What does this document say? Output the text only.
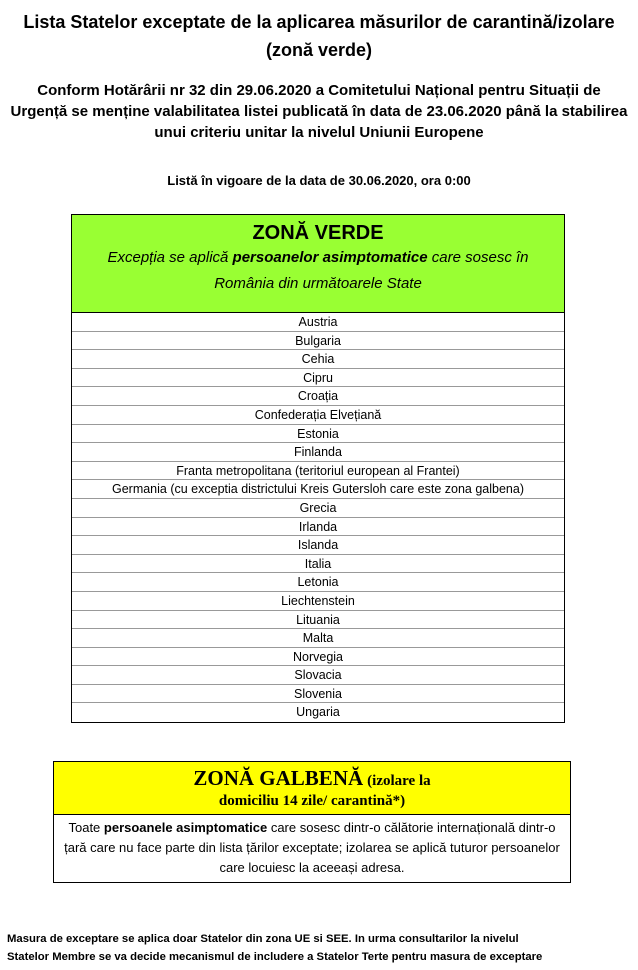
Lista Statelor exceptate de la aplicarea măsurilor de carantină/izolare
(zonă verde)
Conform Hotărârii nr 32 din 29.06.2020 a Comitetului Național pentru Situații de Urgență se menține valabilitatea listei publicată în data de 23.06.2020 până la stabilirea unui criteriu unitar la nivelul Uniunii Europene
Listă în vigoare de la data de 30.06.2020, ora 0:00
ZONĂ VERDE
Excepția se aplică persoanelor asimptomatice care sosesc în România din următoarele State
Austria
Bulgaria
Cehia
Cipru
Croația
Confederația Elvețiană
Estonia
Finlanda
Franta metropolitana (teritoriul european al Frantei)
Germania (cu exceptia districtului Kreis Gutersloh care este zona galbena)
Grecia
Irlanda
Islanda
Italia
Letonia
Liechtenstein
Lituania
Malta
Norvegia
Slovacia
Slovenia
Ungaria
ZONĂ GALBENĂ (izolare la
domiciliu 14 zile/ carantină*)
Toate persoanele asimptomatice care sosesc dintr-o călătorie internațională dintr-o țară care nu face parte din lista țărilor exceptate; izolarea se aplică tuturor persoanelor care locuiesc la aceeași adresa.
Masura de exceptare se aplica doar Statelor din zona UE si SEE. In urma consultarilor la nivelul
Statelor Membre se va decide mecanismul de includere a Statelor Terte pentru masura de exceptare
